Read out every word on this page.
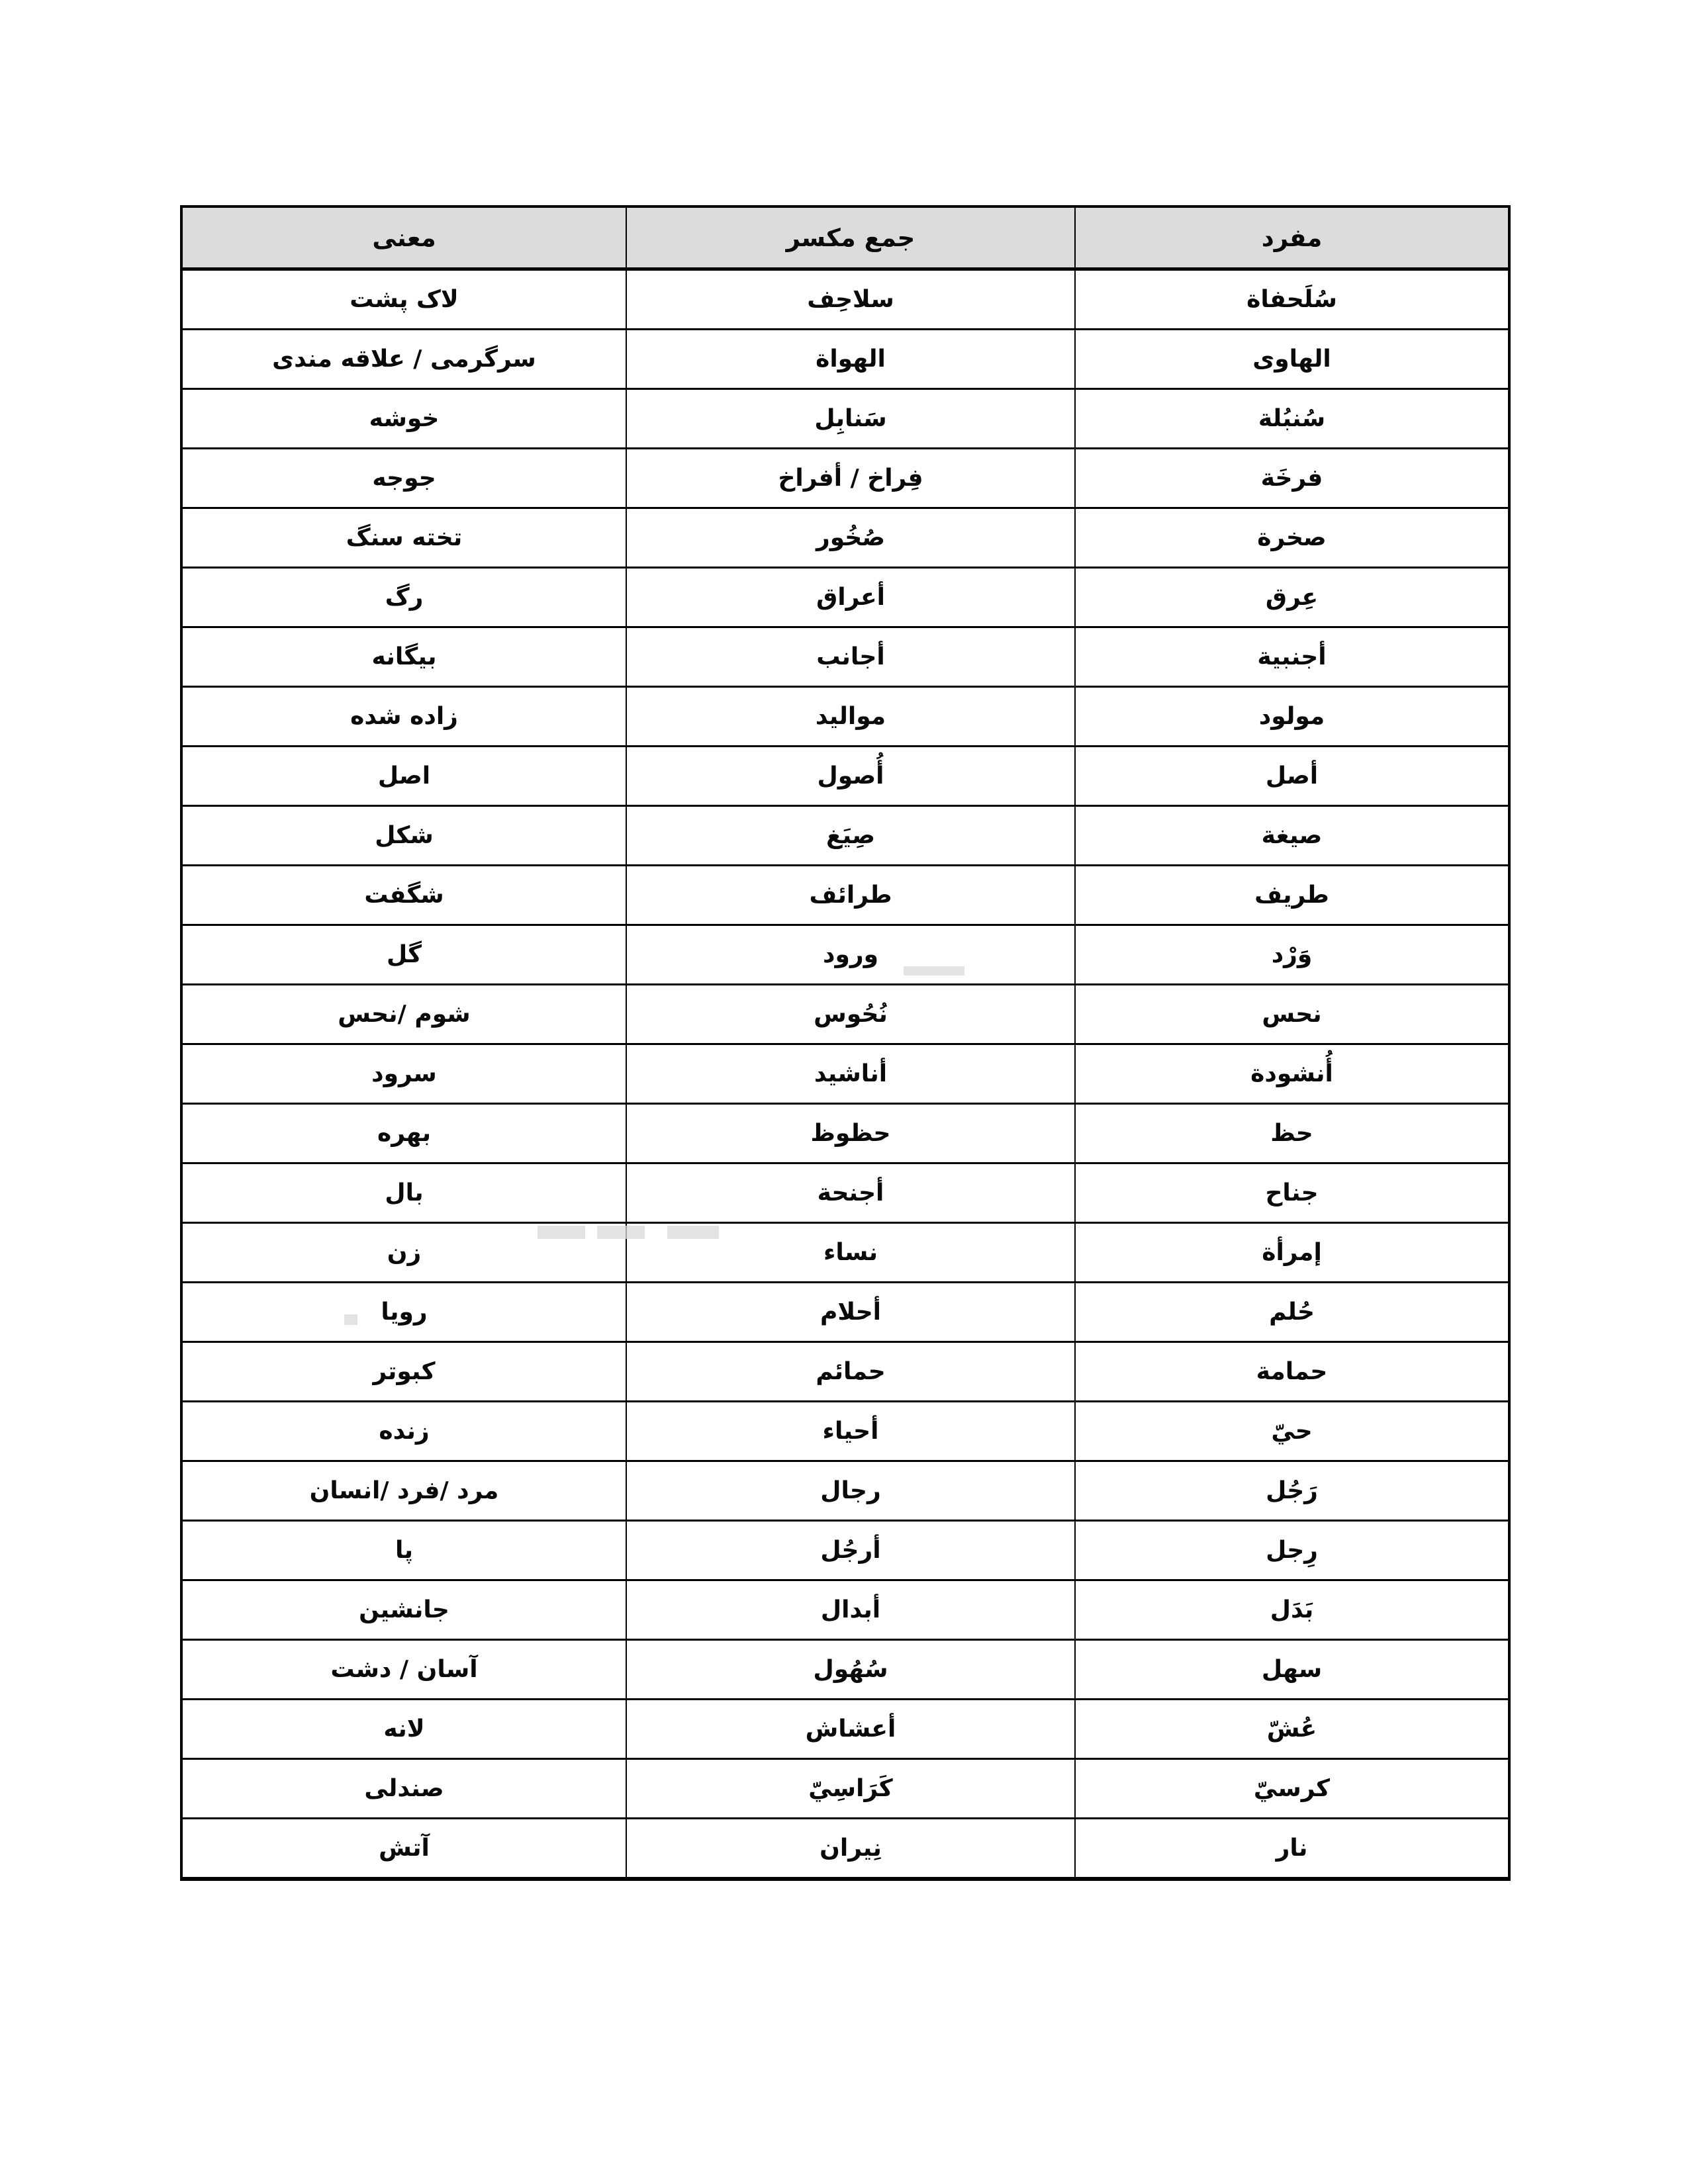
مفرد	جمع مكسر	معنى
سُلَحفاة	سلاحِف	لاک پشت
الهاوى	الهواة	سرگرمی / علاقه مندی
سُنبُلة	سَنابِل	خوشه
فرخَة	فِراخ / أفراخ	جوجه
صخرة	صُخُور	تخته سنگ
عِرق	أعراق	رگ
أجنبية	أجانب	بیگانه
مولود	مواليد	زاده شده
أصل	أُصول	اصل
صيغة	صِيَغ	شكل
طريف	طرائف	شگفت
وَرْد	ورود	گل
نحس	نُحُوس	شوم /نحس
أُنشودة	أناشيد	سرود
حظ	حظوظ	بهره
جناح	أجنحة	بال
إمرأة	نساء	زن
حُلم	أحلام	رویا
حمامة	حمائم	كبوتر
حيّ	أحياء	زنده
رَجُل	رجال	مرد /فرد /انسان
رِجل	أرجُل	پا
بَدَل	أبدال	جانشین
سهل	سُهُول	آسان / دشت
عُشّ	أعشاش	لانه
كرسيّ	كَرَاسِيّ	صندلی
نار	نِيران	آتش
